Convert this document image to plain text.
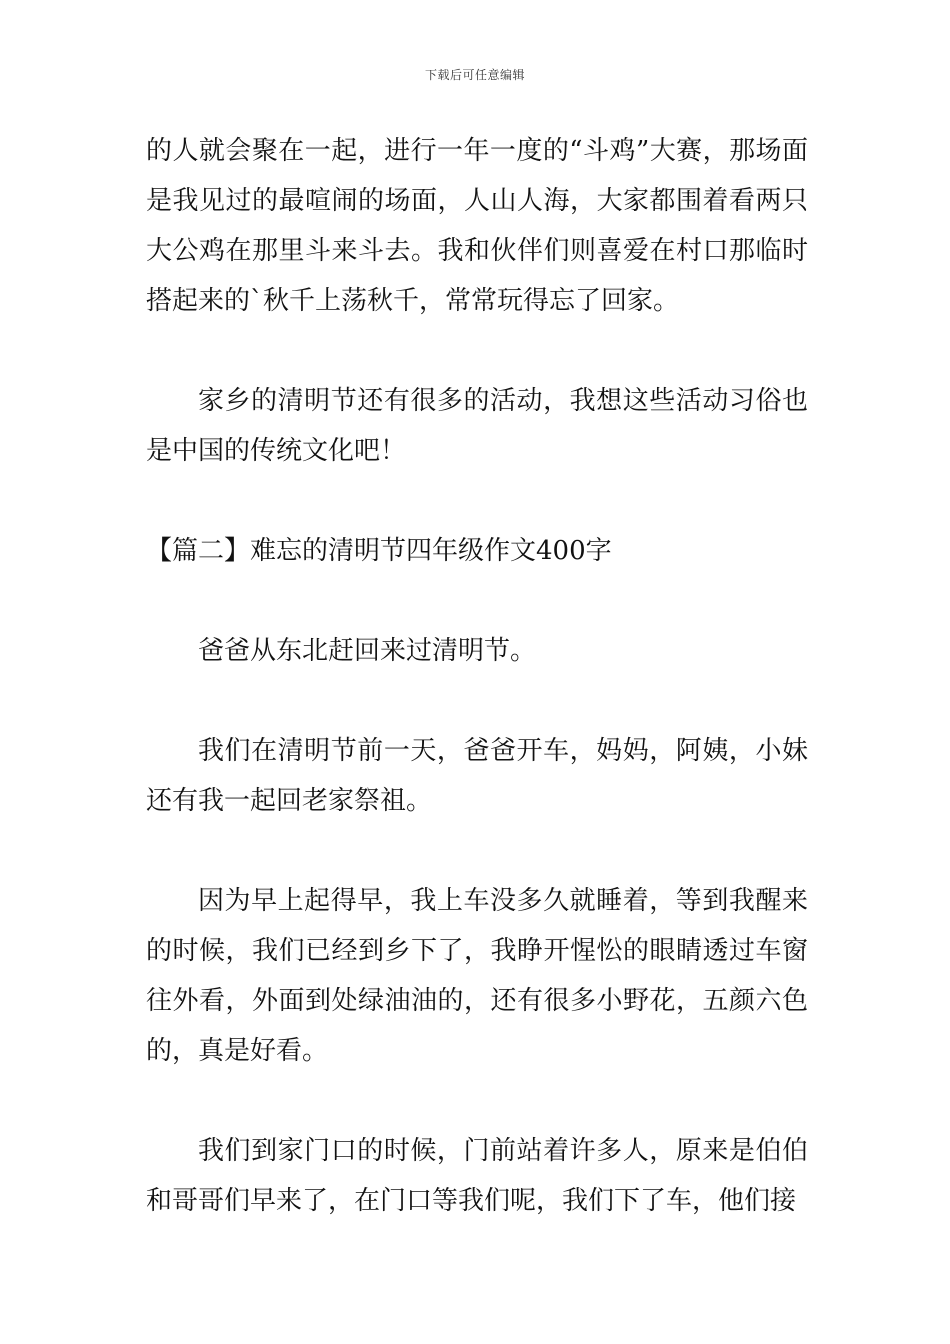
下载后可任意编辑

的人就会聚在一起，进行一年一度的“斗鸡”大赛，那场面是我见过的最喧闹的场面，人山人海，大家都围着看两只大公鸡在那里斗来斗去。我和伙伴们则喜爱在村口那临时搭起来的`秋千上荡秋千，常常玩得忘了回家。

家乡的清明节还有很多的活动，我想这些活动习俗也是中国的传统文化吧！

【篇二】难忘的清明节四年级作文400字

爸爸从东北赶回来过清明节。

我们在清明节前一天，爸爸开车，妈妈，阿姨，小妹还有我一起回老家祭祖。

因为早上起得早，我上车没多久就睡着，等到我醒来的时候，我们已经到乡下了，我睁开惺忪的眼睛透过车窗往外看，外面到处绿油油的，还有很多小野花，五颜六色的，真是好看。

我们到家门口的时候，门前站着许多人，原来是伯伯和哥哥们早来了，在门口等我们呢，我们下了车，他们接
